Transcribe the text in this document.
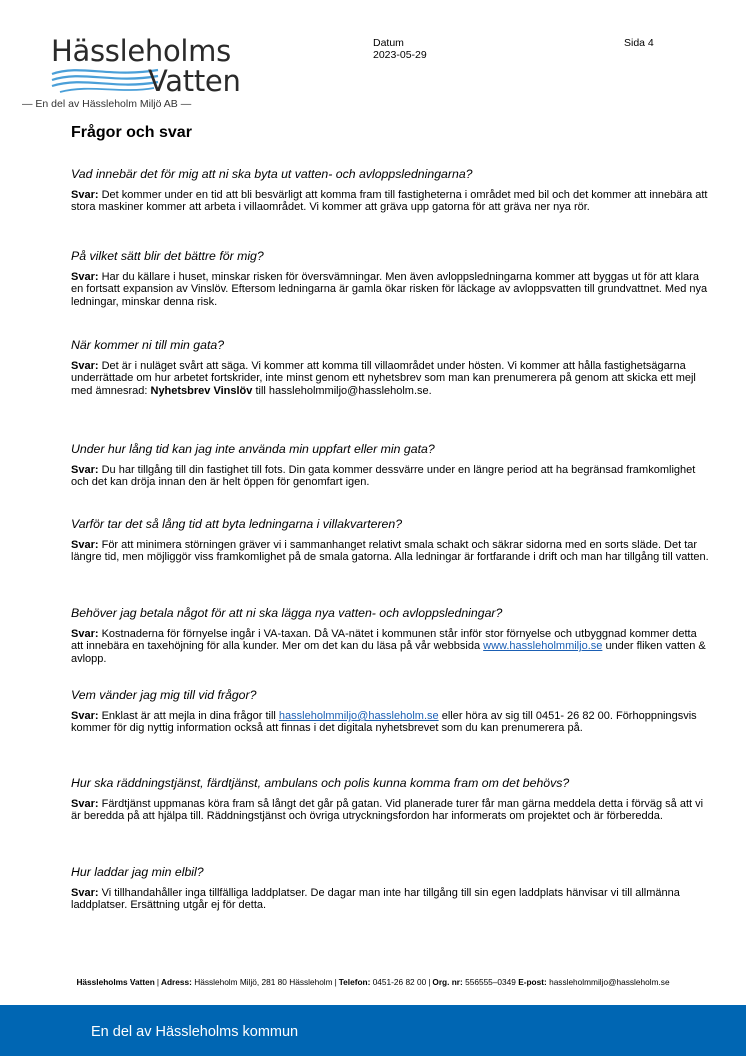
Hässleholms
Vatten
— En del av Hässleholm Miljö AB —
Datum
2023-05-29
Sida 4
Frågor och svar
Vad innebär det för mig att ni ska byta ut vatten- och avloppsledningarna?
Svar: Det kommer under en tid att bli besvärligt att komma fram till fastigheterna i området med bil och det kommer att innebära att stora maskiner kommer att arbeta i villaområdet. Vi kommer att gräva upp gatorna för att gräva ner nya rör.
På vilket sätt blir det bättre för mig?
Svar: Har du källare i huset, minskar risken för översvämningar. Men även avloppsledningarna kommer att byggas ut för att klara en fortsatt expansion av Vinslöv. Eftersom ledningarna är gamla ökar risken för läckage av avloppsvatten till grundvattnet. Med nya ledningar, minskar denna risk.
När kommer ni till min gata?
Svar: Det är i nuläget svårt att säga. Vi kommer att komma till villaområdet under hösten. Vi kommer att hålla fastighetsägarna underrättade om hur arbetet fortskrider, inte minst genom ett nyhetsbrev som man kan prenumerera på genom att skicka ett mejl med ämnesrad: Nyhetsbrev Vinslöv till hassleholmmiljo@hassleholm.se.
Under hur lång tid kan jag inte använda min uppfart eller min gata?
Svar: Du har tillgång till din fastighet till fots. Din gata kommer dessvärre under en längre period att ha begränsad framkomlighet och det kan dröja innan den är helt öppen för genomfart igen.
Varför tar det så lång tid att byta ledningarna i villakvarteren?
Svar: För att minimera störningen gräver vi i sammanhanget relativt smala schakt och säkrar sidorna med en sorts släde. Det tar längre tid, men möjliggör viss framkomlighet på de smala gatorna. Alla ledningar är fortfarande i drift och man har tillgång till vatten.
Behöver jag betala något för att ni ska lägga nya vatten- och avloppsledningar?
Svar: Kostnaderna för förnyelse ingår i VA-taxan. Då VA-nätet i kommunen står inför stor förnyelse och utbyggnad kommer detta att innebära en taxehöjning för alla kunder. Mer om det kan du läsa på vår webbsida www.hassleholmmiljo.se under fliken vatten & avlopp.
Vem vänder jag mig till vid frågor?
Svar: Enklast är att mejla in dina frågor till hassleholmmiljo@hassleholm.se eller höra av sig till 0451- 26 82 00. Förhoppningsvis kommer för dig nyttig information också att finnas i det digitala nyhetsbrevet som du kan prenumerera på.
Hur ska räddningstjänst, färdtjänst, ambulans och polis kunna komma fram om det behövs?
Svar: Färdtjänst uppmanas köra fram så långt det går på gatan. Vid planerade turer får man gärna meddela detta i förväg så att vi är beredda på att hjälpa till. Räddningstjänst och övriga utryckningsfordon har informerats om projektet och är förberedda.
Hur laddar jag min elbil?
Svar: Vi tillhandahåller inga tillfälliga laddplatser. De dagar man inte har tillgång till sin egen laddplats hänvisar vi till allmänna laddplatser. Ersättning utgår ej för detta.
Hässleholms Vatten | Adress: Hässleholm Miljö, 281 80 Hässleholm | Telefon: 0451-26 82 00 | Org. nr: 556555–0349 E-post: hassleholmmiljo@hassleholm.se
En del av Hässleholms kommun
